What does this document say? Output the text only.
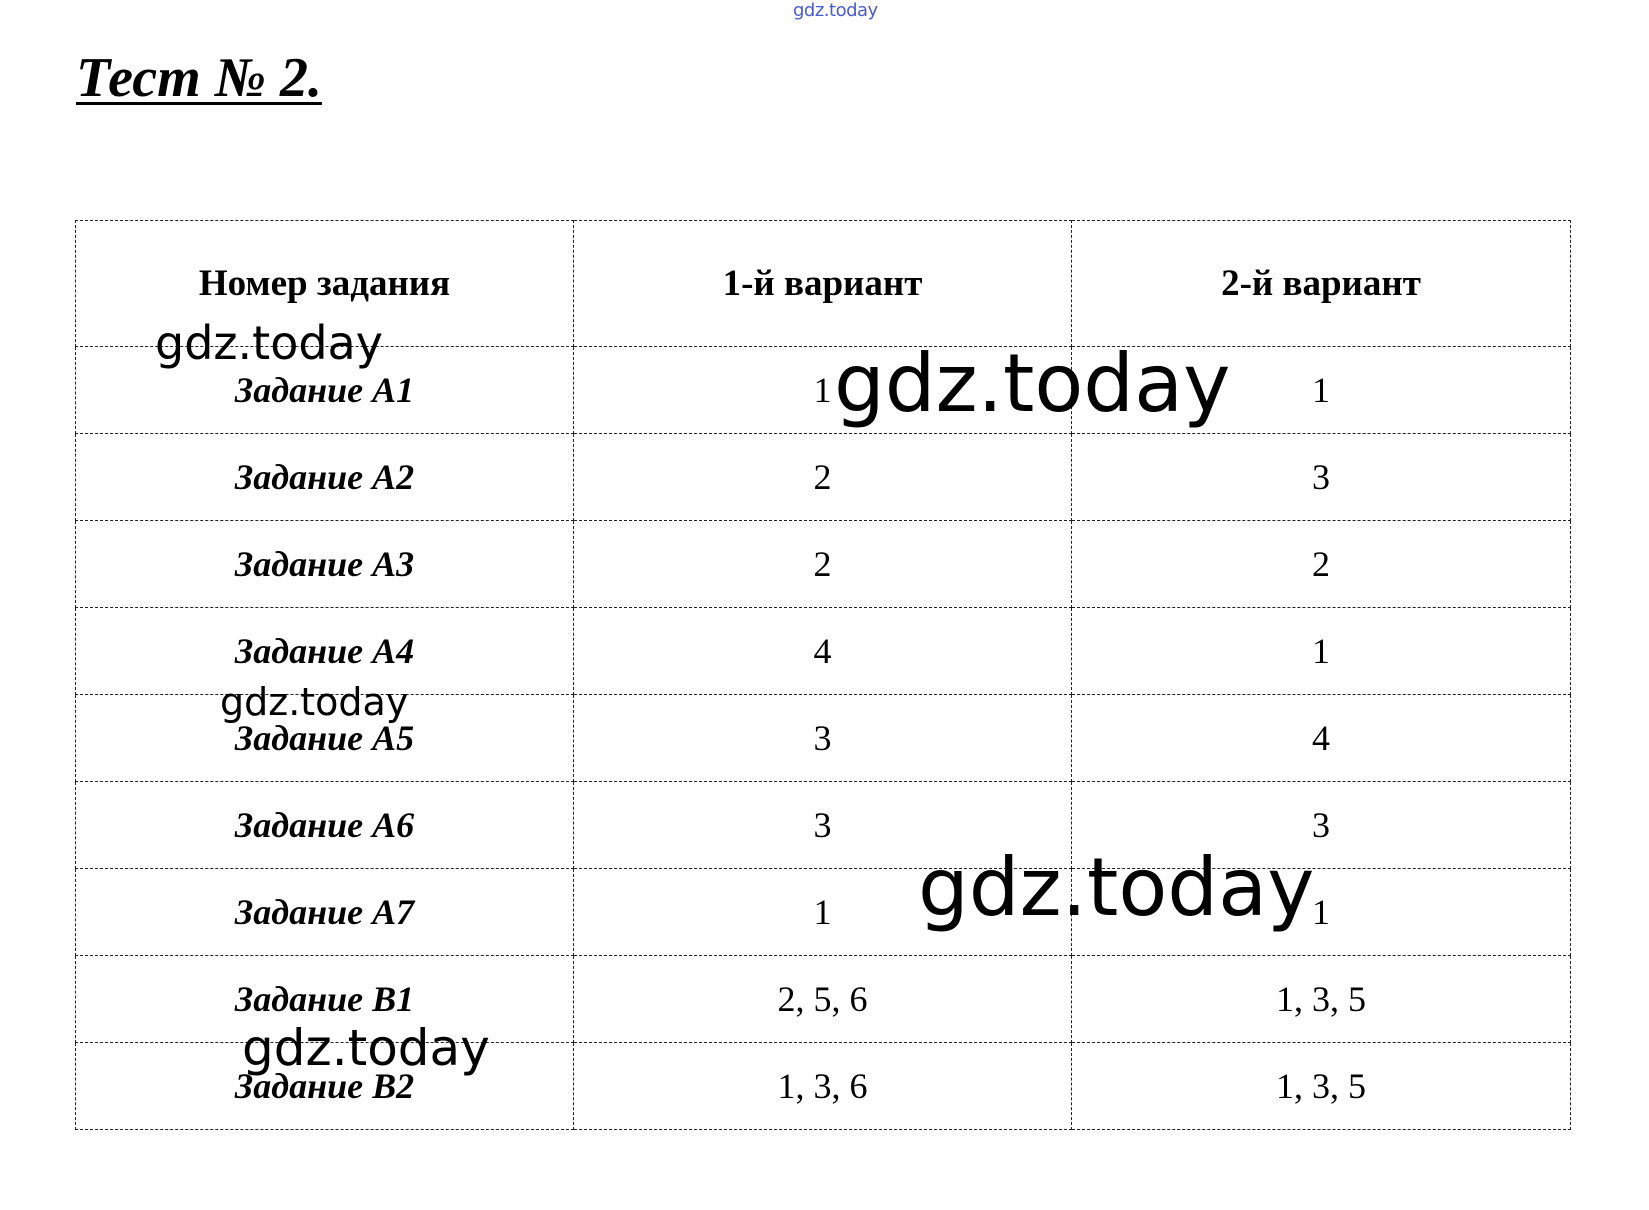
gdz.today
Тест № 2.
Номер задания	1-й вариант	2-й вариант
Задание А1	1	1
Задание А2	2	3
Задание А3	2	2
Задание А4	4	1
Задание А5	3	4
Задание А6	3	3
Задание А7	1	1
Задание В1	2, 5, 6	1, 3, 5
Задание В2	1, 3, 6	1, 3, 5
gdz.today	gdz.today
gdz.today
gdz.today
gdz.today
